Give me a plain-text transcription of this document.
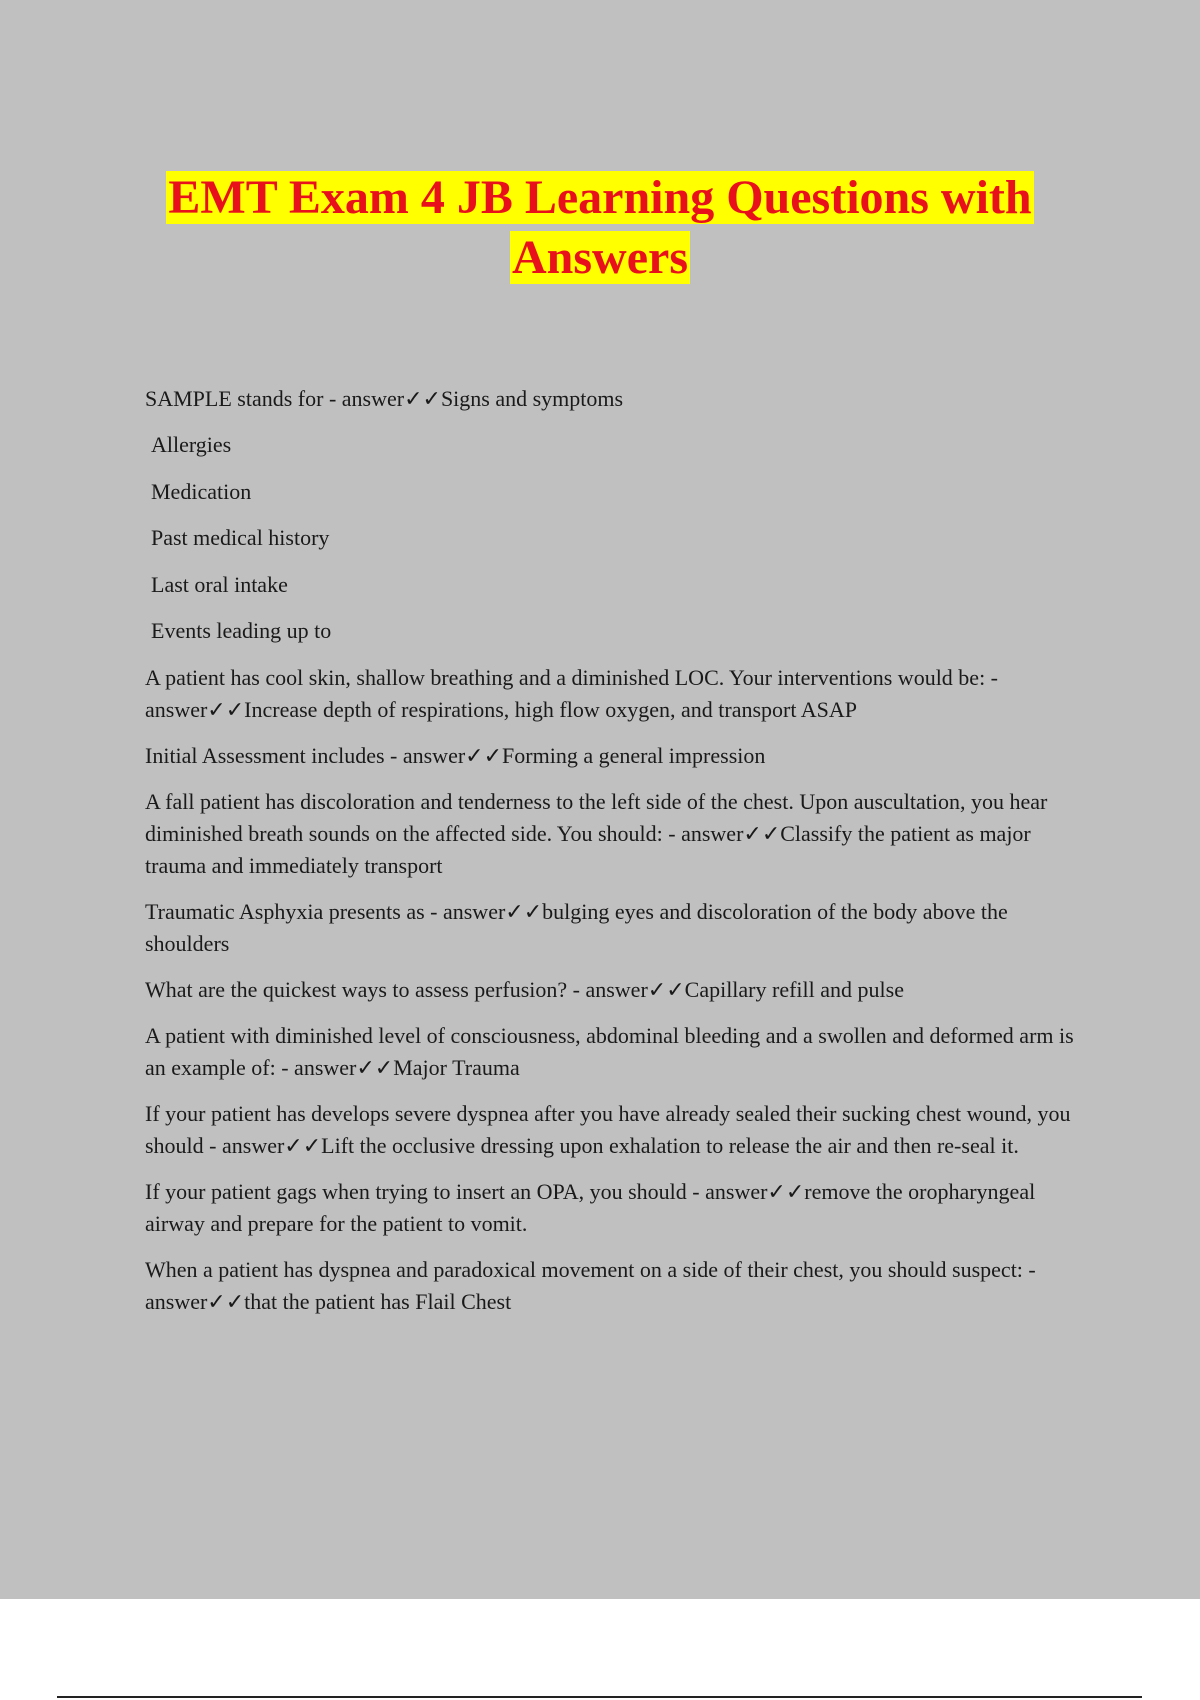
EMT Exam 4 JB Learning Questions with
Answers
SAMPLE stands for - answer✓✓Signs and symptoms
Allergies
Medication
Past medical history
Last oral intake
Events leading up to
A patient has cool skin, shallow breathing and a diminished LOC. Your interventions would be: - answer✓✓Increase depth of respirations, high flow oxygen, and transport ASAP
Initial Assessment includes - answer✓✓Forming a general impression
A fall patient has discoloration and tenderness to the left side of the chest. Upon auscultation, you hear diminished breath sounds on the affected side. You should: - answer✓✓Classify the patient as major trauma and immediately transport
Traumatic Asphyxia presents as - answer✓✓bulging eyes and discoloration of the body above the shoulders
What are the quickest ways to assess perfusion? - answer✓✓Capillary refill and pulse
A patient with diminished level of consciousness, abdominal bleeding and a swollen and deformed arm is an example of: - answer✓✓Major Trauma
If your patient has develops severe dyspnea after you have already sealed their sucking chest wound, you should - answer✓✓Lift the occlusive dressing upon exhalation to release the air and then re-seal it.
If your patient gags when trying to insert an OPA, you should - answer✓✓remove the oropharyngeal airway and prepare for the patient to vomit.
When a patient has dyspnea and paradoxical movement on a side of their chest, you should suspect: - answer✓✓that the patient has Flail Chest
